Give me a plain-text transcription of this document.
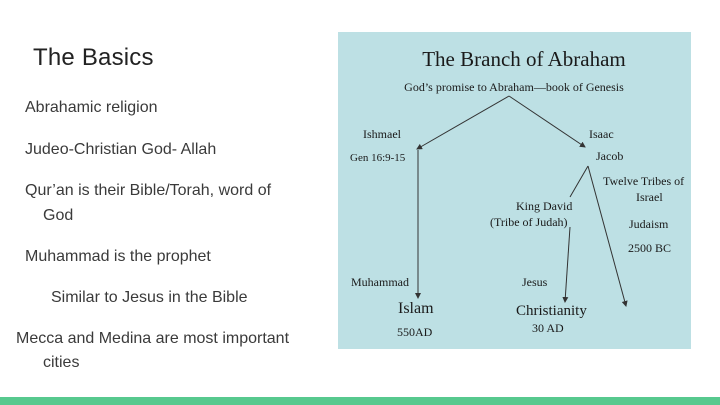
The Basics
Abrahamic religion
Judeo-Christian God- Allah
Qur’an is their Bible/Torah, word of
God
Muhammad is the prophet
Similar to Jesus in the Bible
Mecca and Medina are most important
cities
The Branch of Abraham
God’s promise to Abraham—book of Genesis
Ishmael
Gen 16:9-15
Isaac
Jacob
Twelve Tribes of
Israel
Judaism
2500 BC
King David
(Tribe of Judah)
Muhammad
Islam
550AD
Jesus
Christianity
30 AD
